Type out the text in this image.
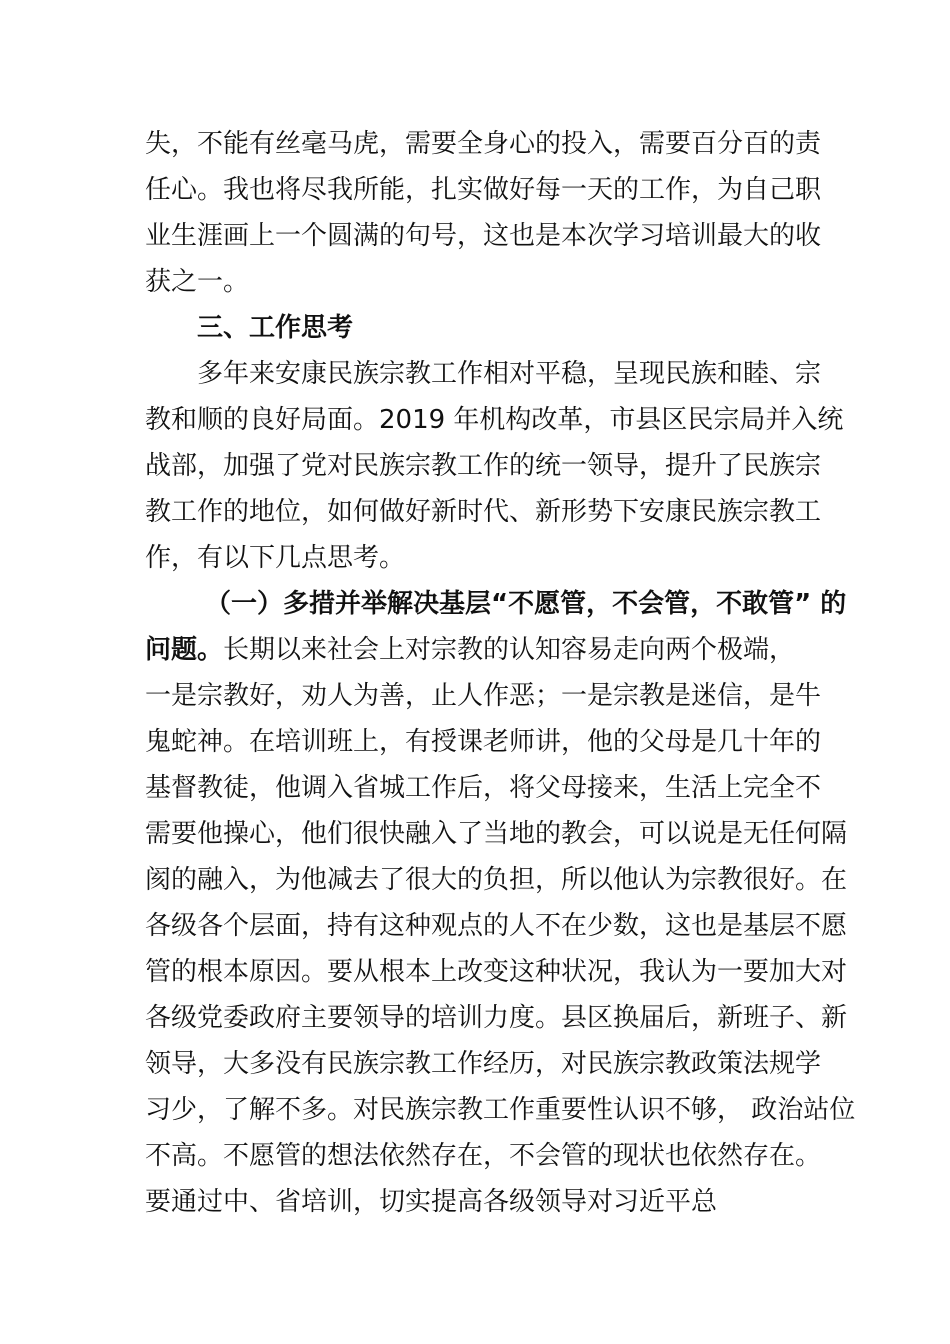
失，不能有丝毫马虎，需要全身心的投入，需要百分百的责
任心。我也将尽我所能，扎实做好每一天的工作，为自己职
业生涯画上一个圆满的句号，这也是本次学习培训最大的收
获之一。
三、工作思考
多年来安康民族宗教工作相对平稳，呈现民族和睦、宗
教和顺的良好局面。2019 年机构改革，市县区民宗局并入统
战部，加强了党对民族宗教工作的统一领导，提升了民族宗
教工作的地位，如何做好新时代、新形势下安康民族宗教工
作，有以下几点思考。
（一）多措并举解决基层“不愿管，不会管，不敢管” 的
问题。长期以来社会上对宗教的认知容易走向两个极端，
一是宗教好，劝人为善，止人作恶；一是宗教是迷信，是牛
鬼蛇神。在培训班上，有授课老师讲，他的父母是几十年的
基督教徒，他调入省城工作后，将父母接来，生活上完全不
需要他操心，他们很快融入了当地的教会，可以说是无任何隔
阂的融入，为他减去了很大的负担，所以他认为宗教很好。在
各级各个层面，持有这种观点的人不在少数，这也是基层不愿
管的根本原因。要从根本上改变这种状况，我认为一要加大对
各级党委政府主要领导的培训力度。县区换届后，新班子、新
领导，大多没有民族宗教工作经历，对民族宗教政策法规学
习少，了解不多。对民族宗教工作重要性认识不够， 政治站位
不高。不愿管的想法依然存在，不会管的现状也依然存在。
要通过中、省培训，切实提高各级领导对习近平总
